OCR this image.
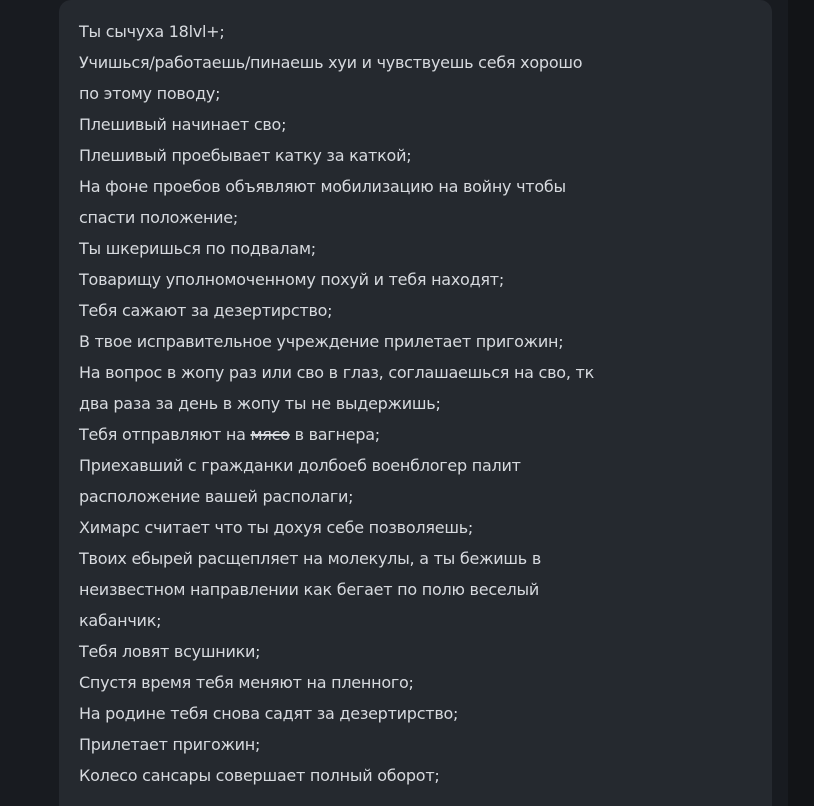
Ты сычуха 18lvl+;
Учишься/работаешь/пинаешь хуи и чувствуешь себя хорошо
по этому поводу;
Плешивый начинает сво;
Плешивый проебывает катку за каткой;
На фоне проебов объявляют мобилизацию на войну чтобы
спасти положение;
Ты шкеришься по подвалам;
Товарищу уполномоченному похуй и тебя находят;
Тебя сажают за дезертирство;
В твое исправительное учреждение прилетает пригожин;
На вопрос в жопу раз или сво в глаз, соглашаешься на сво, тк
два раза за день в жопу ты не выдержишь;
Тебя отправляют на мясо в вагнера;
Приехавший с гражданки долбоеб военблогер палит
расположение вашей располаги;
Химарс считает что ты дохуя себе позволяешь;
Твоих ебырей расщепляет на молекулы, а ты бежишь в
неизвестном направлении как бегает по полю веселый
кабанчик;
Тебя ловят всушники;
Спустя время тебя меняют на пленного;
На родине тебя снова садят за дезертирство;
Прилетает пригожин;
Колесо сансары совершает полный оборот;
